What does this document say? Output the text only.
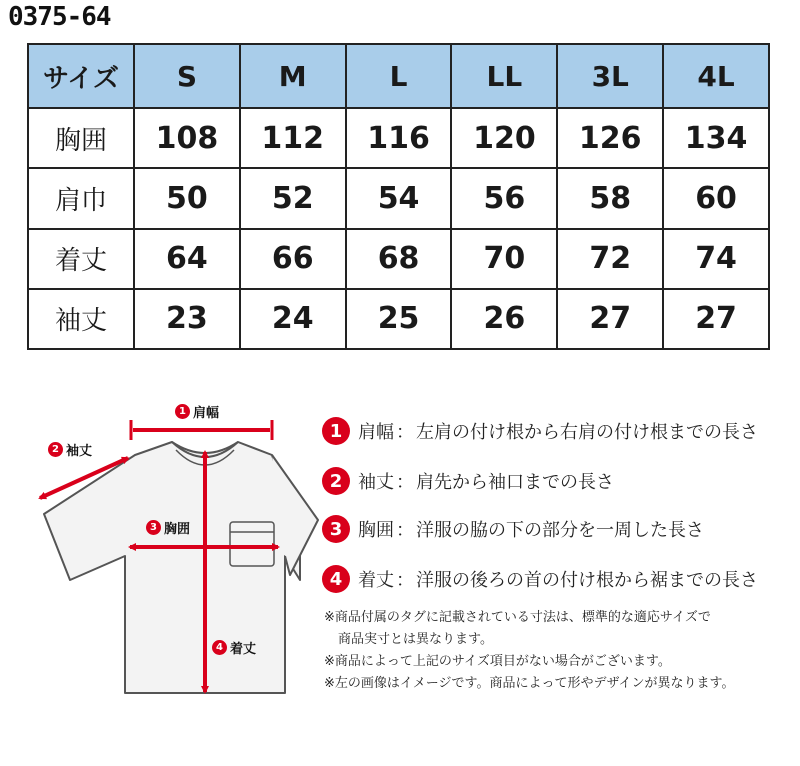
0375-64
サイズ	S	M	L	LL	3L	4L
胸囲	108	112	116	120	126	134
肩巾	50	52	54	56	58	60
着丈	64	66	68	70	72	74
袖丈	23	24	25	26	27	27
1 肩幅
2 袖丈
3 胸囲
4 着丈
1 肩幅 ： 左肩の付け根から右肩の付け根までの長さ
2 袖丈 ： 肩先から袖口までの長さ
3 胸囲 ： 洋服の脇の下の部分を一周した長さ
4 着丈 ： 洋服の後ろの首の付け根から裾までの長さ
※商品付属のタグに記載されている寸法は、標準的な適応サイズで
商品実寸とは異なります。
※商品によって上記のサイズ項目がない場合がございます。
※左の画像はイメージです。商品によって形やデザインが異なります。
